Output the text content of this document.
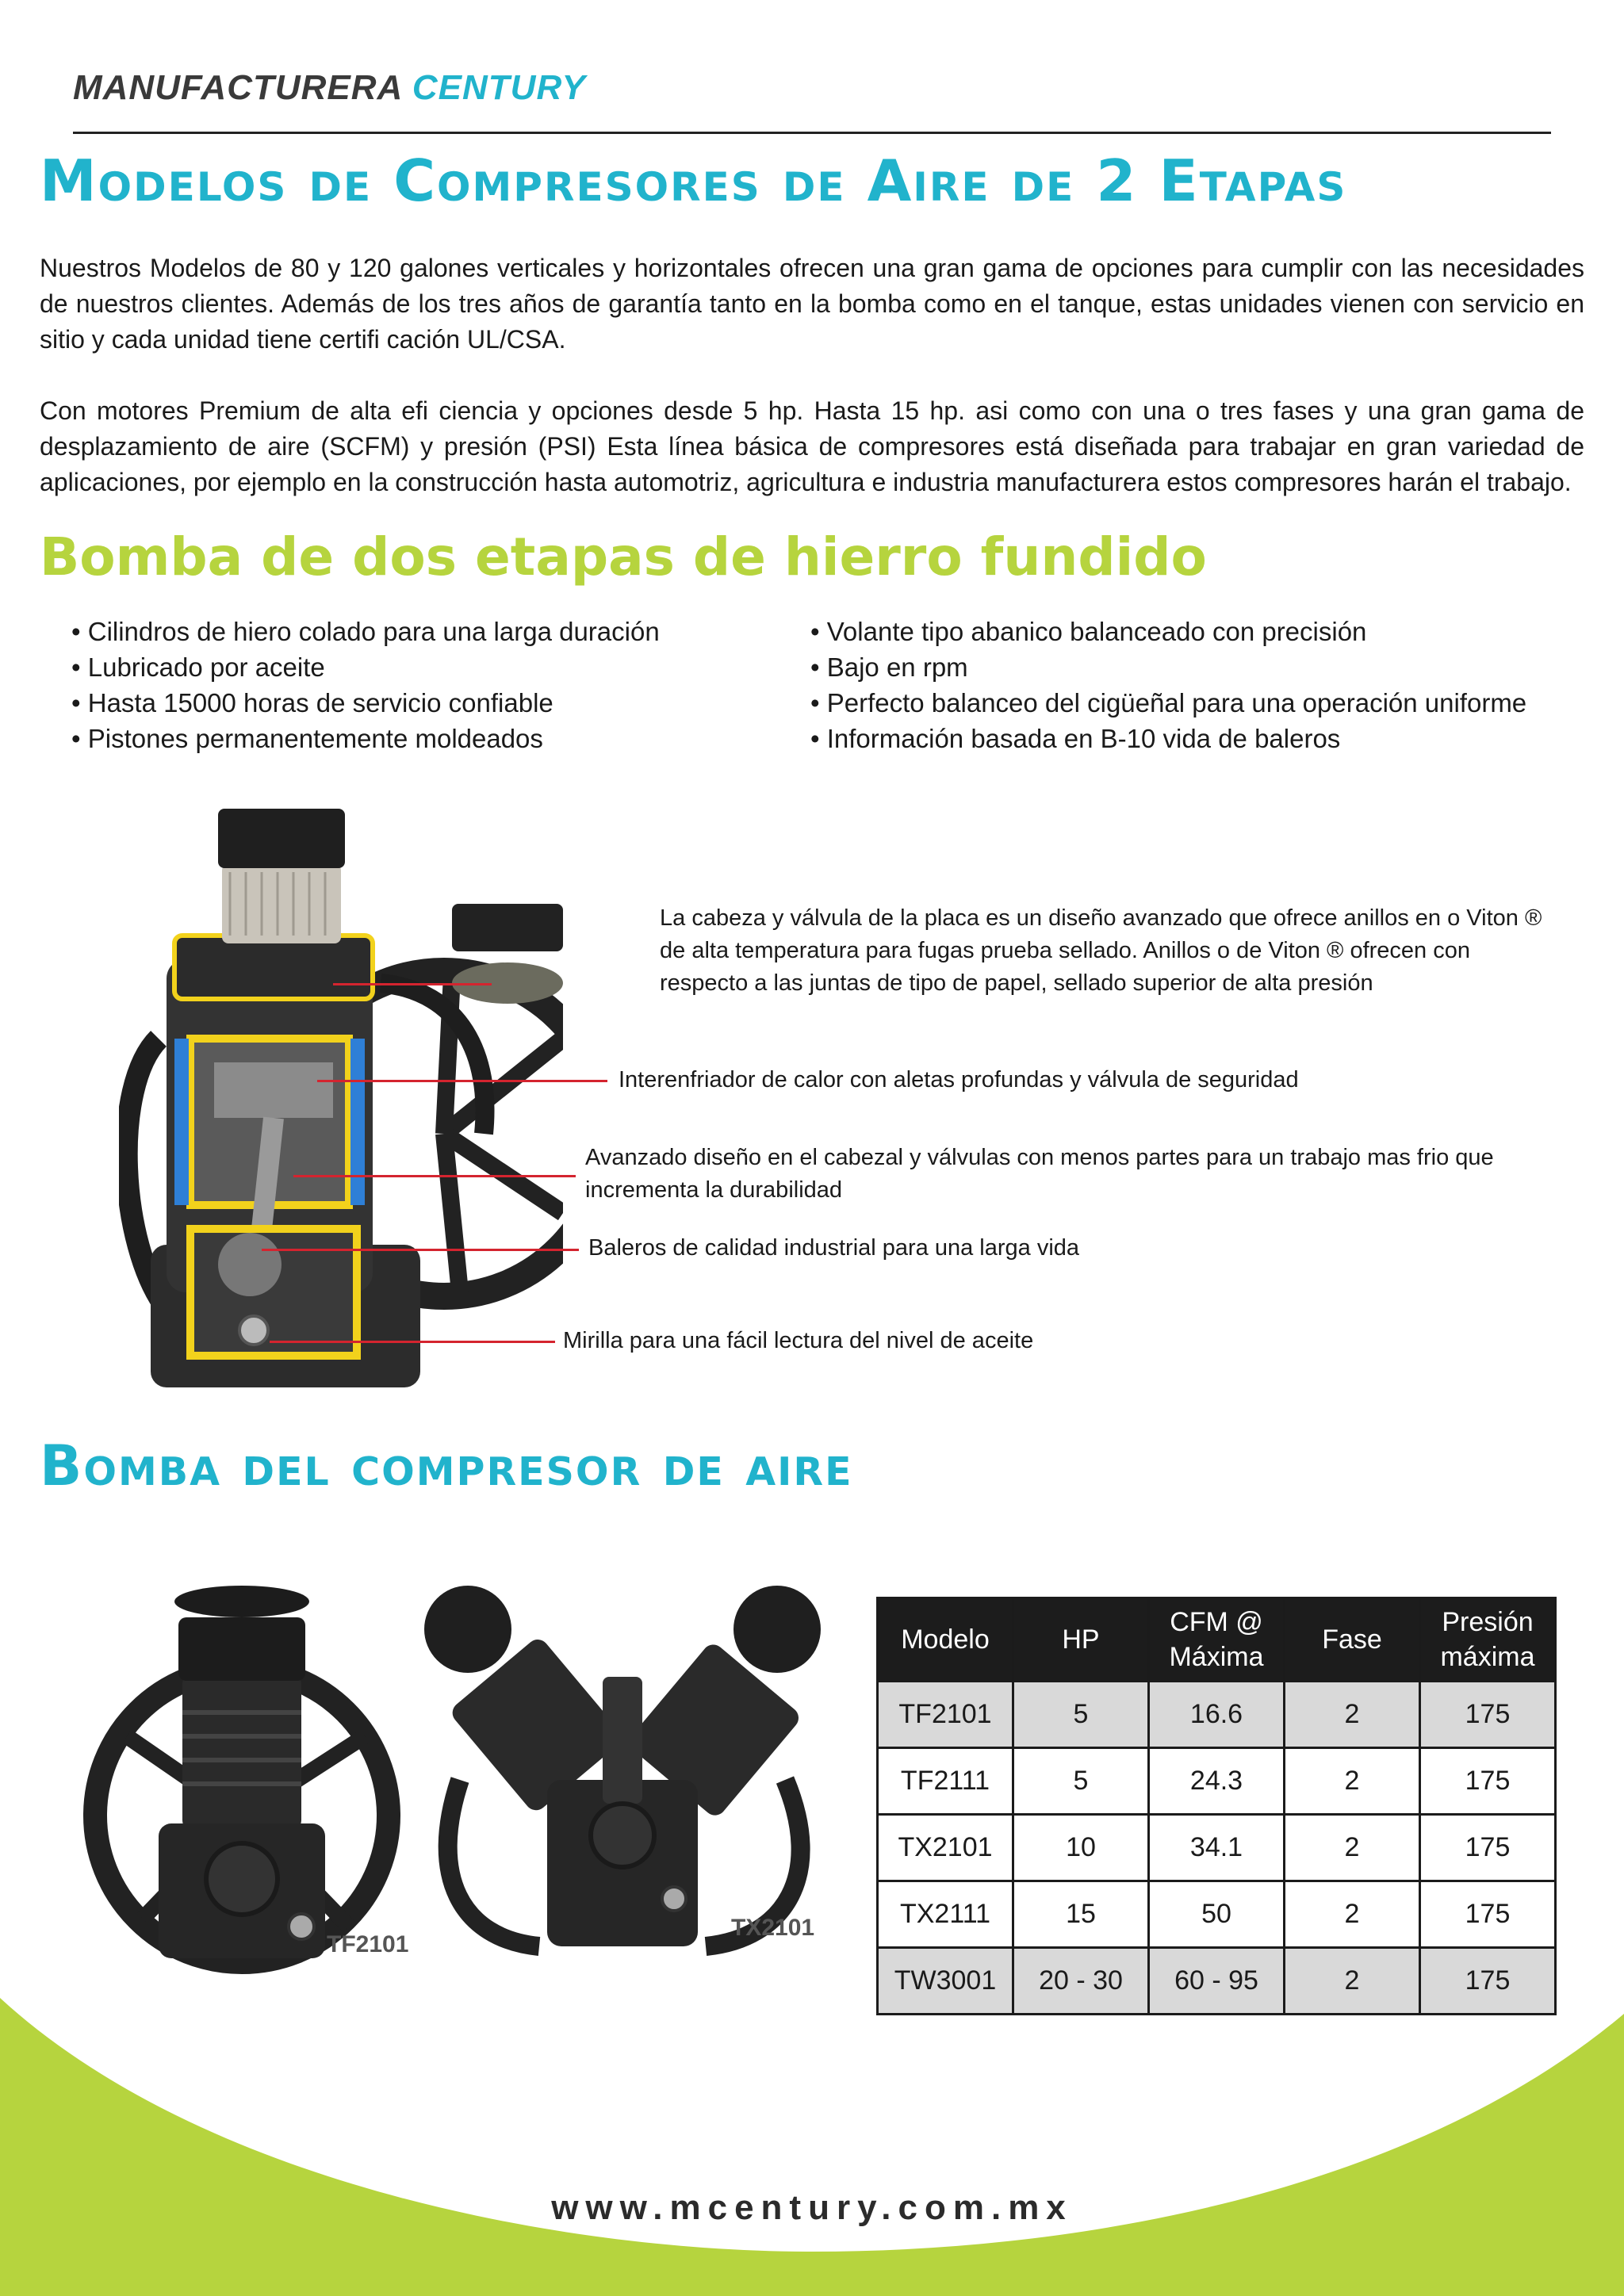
MANUFACTURERA CENTURY
Modelos de Compresores de Aire de 2 Etapas

Nuestros Modelos de 80 y 120 galones verticales y horizontales ofrecen una gran gama de opciones para cumplir con las necesidades de nuestros clientes. Además de los tres años de garantía tanto en la bomba como en el tanque, estas unidades vienen con servicio en sitio y cada unidad tiene certifi cación UL/CSA.

Con motores Premium de alta efi ciencia y opciones desde 5 hp. Hasta 15 hp. asi como con una o tres fases y una gran gama de desplazamiento de aire (SCFM) y presión (PSI) Esta línea básica de compresores está diseñada para trabajar en gran variedad de aplicaciones, por ejemplo en la construcción hasta automotriz, agricultura e industria manufacturera estos compresores harán el trabajo.

Bomba de dos etapas de hierro fundido
• Cilindros de hiero colado para una larga duración
• Lubricado por aceite
• Hasta 15000 horas de servicio confiable
• Pistones permanentemente moldeados
• Volante tipo abanico balanceado con precisión
• Bajo en rpm
• Perfecto balanceo del cigüeñal para una operación uniforme
• Información basada en B-10 vida de baleros
La cabeza y válvula de la placa es un diseño avanzado que ofrece anillos en o Viton ® de alta temperatura para fugas prueba sellado. Anillos o de Viton ® ofrecen con respecto a las juntas de tipo de papel, sellado superior de alta presión
Interenfriador de calor con aletas profundas y válvula de seguridad
Avanzado diseño en el cabezal y válvulas con menos partes para un trabajo mas frio que incrementa la durabilidad
Baleros de calidad industrial para una larga vida
Mirilla para una fácil lectura del nivel de aceite
Bomba del compresor de aire
TF2101
TX2101
Modelo	HP	CFM @ Máxima	Fase	Presión máxima
TF2101	5	16.6	2	175
TF2111	5	24.3	2	175
TX2101	10	34.1	2	175
TX2111	15	50	2	175
TW3001	20 - 30	60 - 95	2	175
www.mcentury.com.mx
